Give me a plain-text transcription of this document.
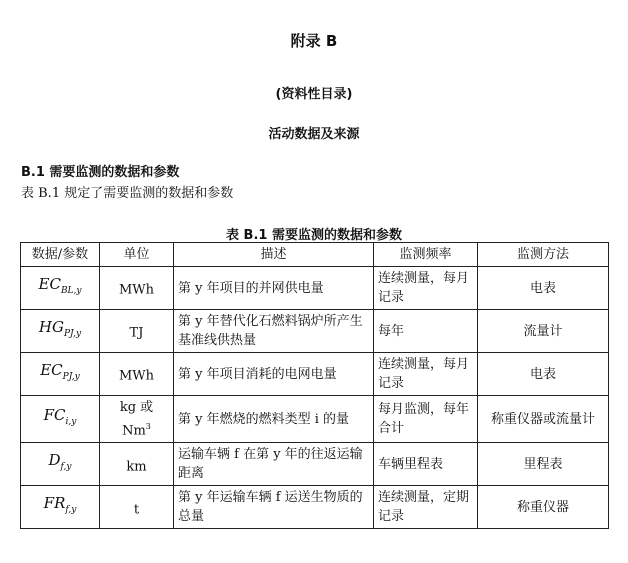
附录 B
(资料性目录)
活动数据及来源
B.1 需要监测的数据和参数
表 B.1 规定了需要监测的数据和参数
表 B.1 需要监测的数据和参数
数据/参数	单位	描述	监测频率	监测方法
$EC_{BL,y}$	MWh	第 y 年项目的并网供电量	连续测量，每月记录	电表
$HG_{PJ,y}$	TJ	第 y 年替代化石燃料锅炉所产生基准线供热量	每年	流量计
$EC_{PJ,y}$	MWh	第 y 年项目消耗的电网电量	连续测量，每月记录	电表
$FC_{i,y}$	kg 或 Nm$^3$	第 y 年燃烧的燃料类型 i 的量	每月监测，每年合计	称重仪器或流量计
$D_{f,y}$	km	运输车辆 f 在第 y 年的往返运输距离	车辆里程表	里程表
$FR_{f,y}$	t	第 y 年运输车辆 f 运送生物质的总量	连续测量，定期记录	称重仪器
